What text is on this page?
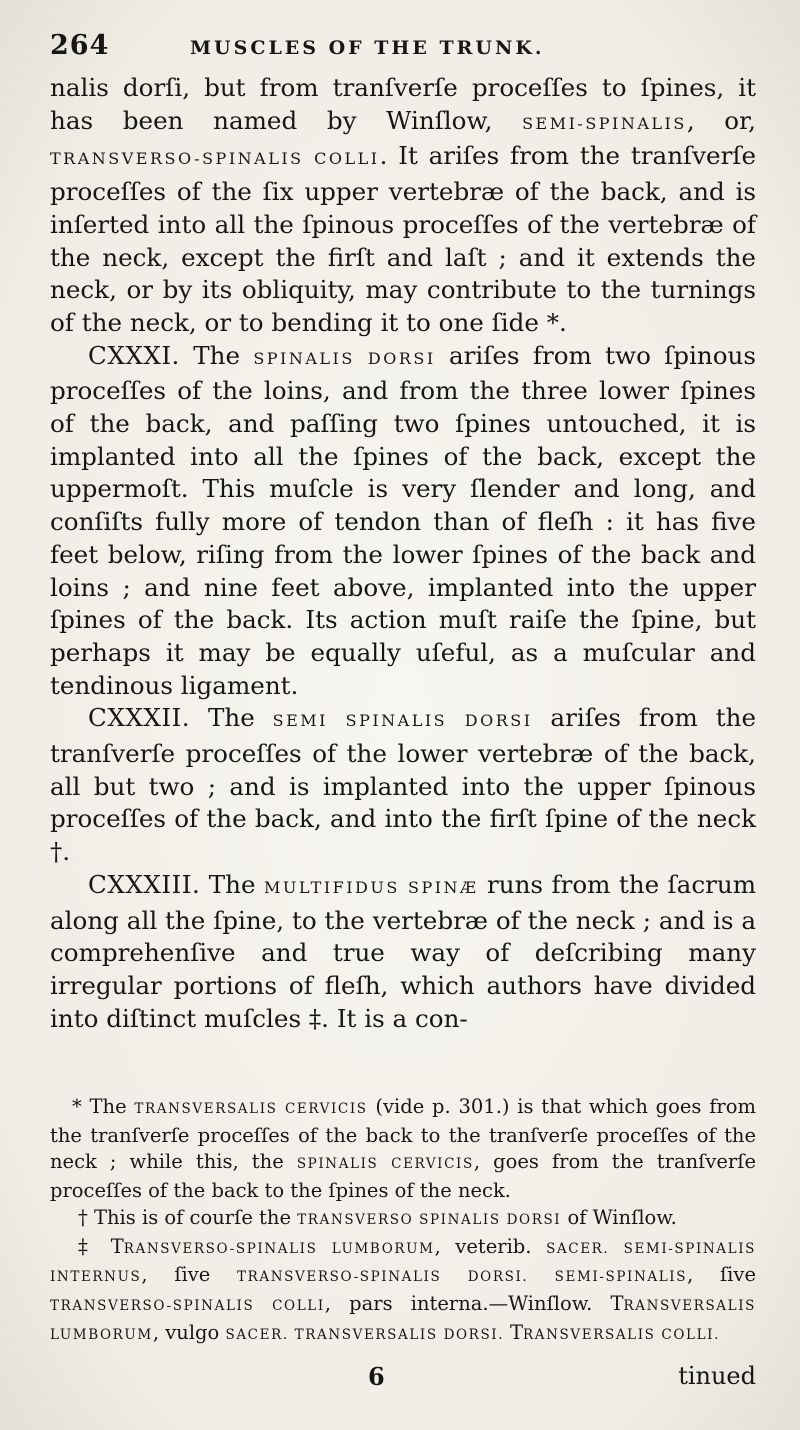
264	MUSCLES OF THE TRUNK.

nalis dorſi, but from tranſverſe proceſſes to ſpines, it has been named by Winſlow, SEMI-SPINALIS, or, TRANSVERSO-SPINALIS COLLI. It ariſes from the tranſverſe proceſſes of the ſix upper vertebræ of the back, and is inſerted into all the ſpinous proceſſes of the vertebræ of the neck, except the firſt and laſt ; and it extends the neck, or by its obliquity, may contribute to the turnings of the neck, or to bending it to one ſide *.

CXXXI. The SPINALIS DORSI ariſes from two ſpinous proceſſes of the loins, and from the three lower ſpines of the back, and paſſing two ſpines untouched, it is implanted into all the ſpines of the back, except the uppermoſt. This muſcle is very ſlender and long, and conſiſts fully more of tendon than of fleſh : it has five feet below, riſing from the lower ſpines of the back and loins ; and nine feet above, implanted into the upper ſpines of the back. Its action muſt raiſe the ſpine, but perhaps it may be equally uſeful, as a muſcular and tendinous ligament.

CXXXII. The SEMI SPINALIS DORSI ariſes from the tranſverſe proceſſes of the lower vertebræ of the back, all but two ; and is implanted into the upper ſpinous proceſſes of the back, and into the firſt ſpine of the neck †.

CXXXIII. The MULTIFIDUS SPINÆ runs from the ſacrum along all the ſpine, to the vertebræ of the neck ; and is a comprehenſive and true way of deſcribing many irregular portions of fleſh, which authors have divided into diſtinct muſcles ‡. It is a con-

* The TRANSVERSALIS CERVICIS (vide p. 301.) is that which goes from the tranſverſe proceſſes of the back to the tranſverſe proceſſes of the neck ; while this, the SPINALIS CERVICIS, goes from the tranſverſe proceſſes of the back to the ſpines of the neck.

† This is of courſe the TRANSVERSO SPINALIS DORSI of Winſlow.

‡ TRANSVERSO-SPINALIS LUMBORUM, veterib. SACER. SEMI-SPINALIS INTERNUS, ſive TRANSVERSO-SPINALIS DORSI. SEMI-SPINALIS, ſive TRANSVERSO-SPINALIS COLLI, pars interna.—Winſlow. TRANSVERSALIS LUMBORUM, vulgo SACER. TRANSVERSALIS DORSI. TRANSVERSALIS COLLI.

6	tinued
